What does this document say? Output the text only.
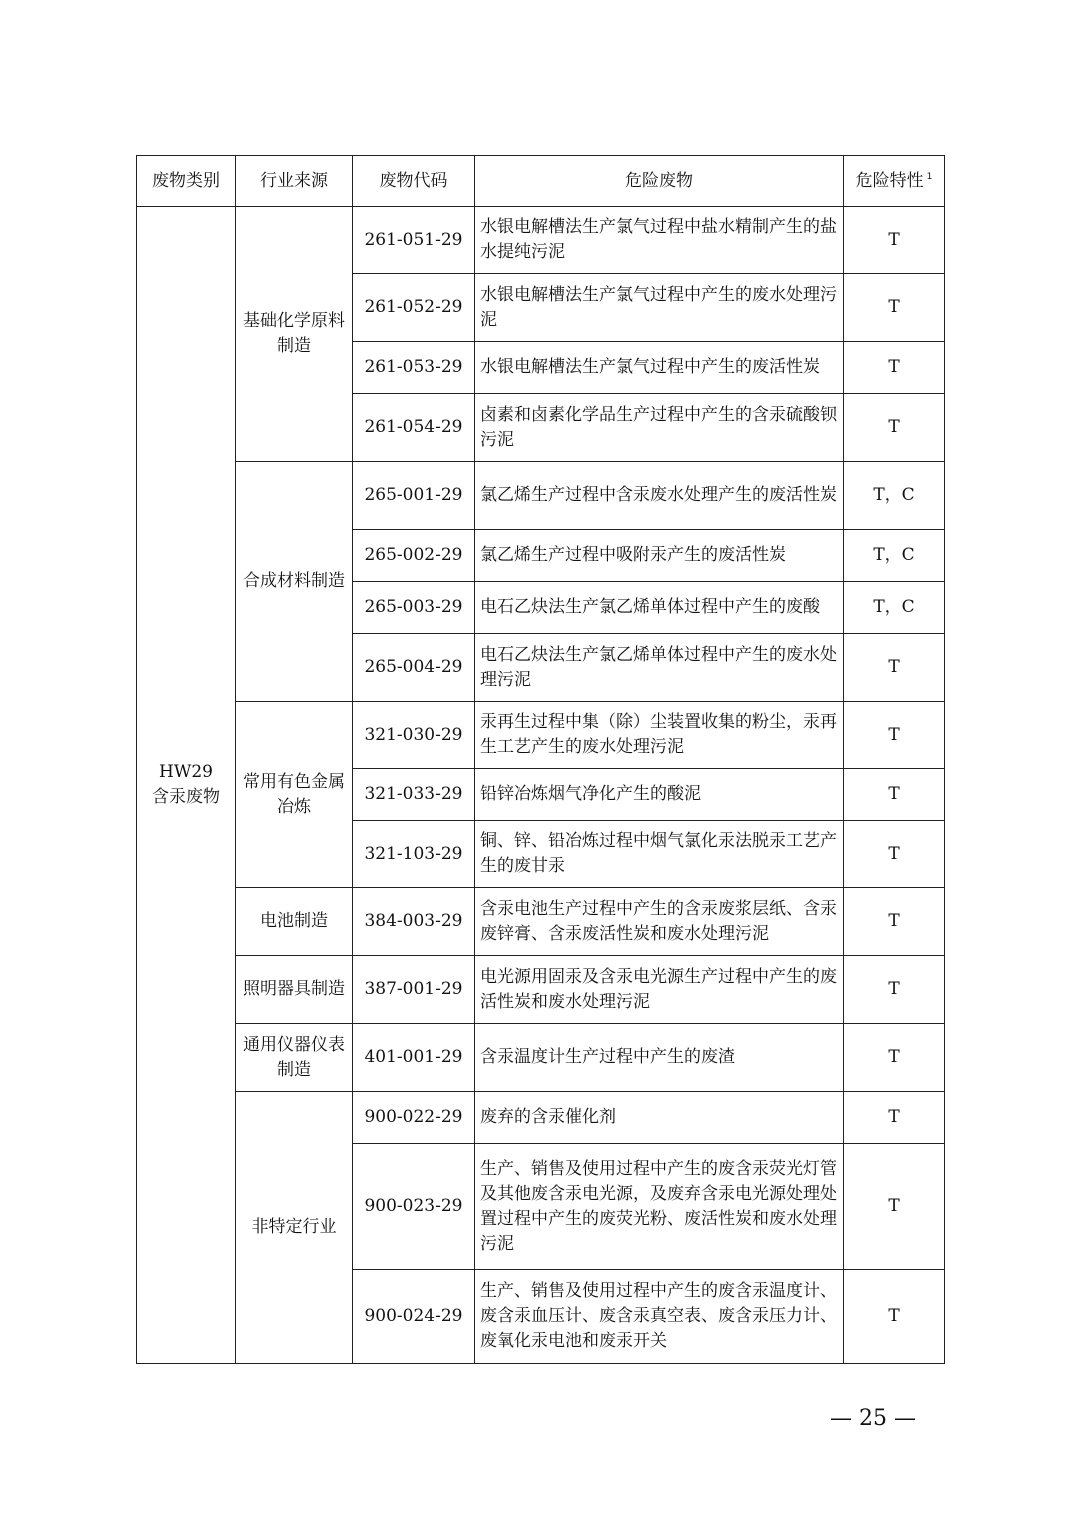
废物类别	行业来源	废物代码	危险废物	危险特性 $^1$

HW29
含汞废物	基础化学原料制造	261-051-29	水银电解槽法生产氯气过程中盐水精制产生的盐水提纯污泥	T
		261-052-29	水银电解槽法生产氯气过程中产生的废水处理污泥	T
		261-053-29	水银电解槽法生产氯气过程中产生的废活性炭	T
		261-054-29	卤素和卤素化学品生产过程中产生的含汞硫酸钡污泥	T
	合成材料制造	265-001-29	氯乙烯生产过程中含汞废水处理产生的废活性炭	T，C
		265-002-29	氯乙烯生产过程中吸附汞产生的废活性炭	T，C
		265-003-29	电石乙炔法生产氯乙烯单体过程中产生的废酸	T，C
		265-004-29	电石乙炔法生产氯乙烯单体过程中产生的废水处理污泥	T
	常用有色金属冶炼	321-030-29	汞再生过程中集（除）尘装置收集的粉尘，汞再生工艺产生的废水处理污泥	T
		321-033-29	铅锌冶炼烟气净化产生的酸泥	T
		321-103-29	铜、锌、铅冶炼过程中烟气氯化汞法脱汞工艺产生的废甘汞	T
	电池制造	384-003-29	含汞电池生产过程中产生的含汞废浆层纸、含汞废锌膏、含汞废活性炭和废水处理污泥	T
	照明器具制造	387-001-29	电光源用固汞及含汞电光源生产过程中产生的废活性炭和废水处理污泥	T
	通用仪器仪表制造	401-001-29	含汞温度计生产过程中产生的废渣	T
	非特定行业	900-022-29	废弃的含汞催化剂	T
		900-023-29	生产、销售及使用过程中产生的废含汞荧光灯管及其他废含汞电光源，及废弃含汞电光源处理处置过程中产生的废荧光粉、废活性炭和废水处理污泥	T
		900-024-29	生产、销售及使用过程中产生的废含汞温度计、废含汞血压计、废含汞真空表、废含汞压力计、废氧化汞电池和废汞开关	T
— 25 —
